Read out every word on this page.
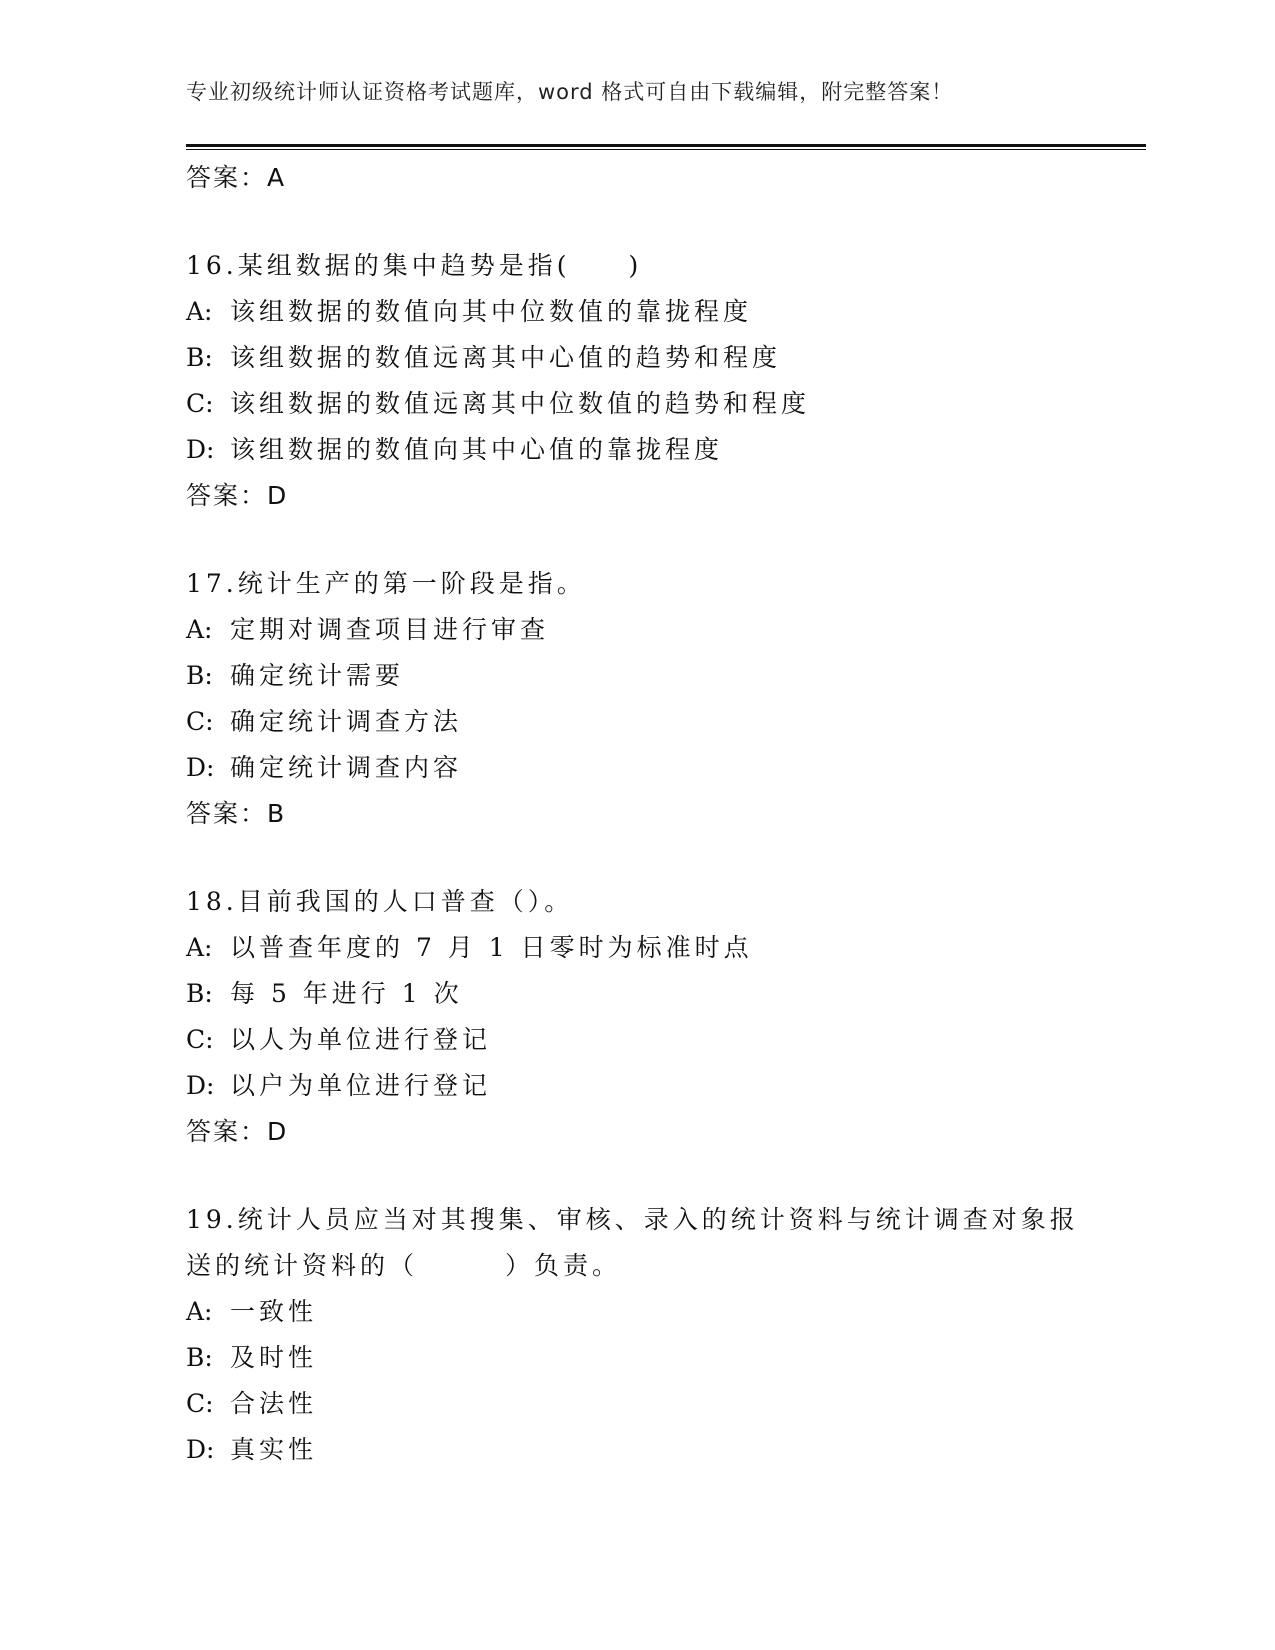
专业初级统计师认证资格考试题库，word 格式可自由下载编辑，附完整答案！
答案：A
16.某组数据的集中趋势是指(　　)
A: 该组数据的数值向其中位数值的靠拢程度
B: 该组数据的数值远离其中心值的趋势和程度
C: 该组数据的数值远离其中位数值的趋势和程度
D: 该组数据的数值向其中心值的靠拢程度
答案：D
17.统计生产的第一阶段是指。
A: 定期对调查项目进行审查
B: 确定统计需要
C: 确定统计调查方法
D: 确定统计调查内容
答案：B
18.目前我国的人口普查（）。
A: 以普查年度的 7 月 1 日零时为标准时点
B: 每 5 年进行 1 次
C: 以人为单位进行登记
D: 以户为单位进行登记
答案：D
19.统计人员应当对其搜集、审核、录入的统计资料与统计调查对象报送的统计资料的（　　　）负责。
A: 一致性
B: 及时性
C: 合法性
D: 真实性
